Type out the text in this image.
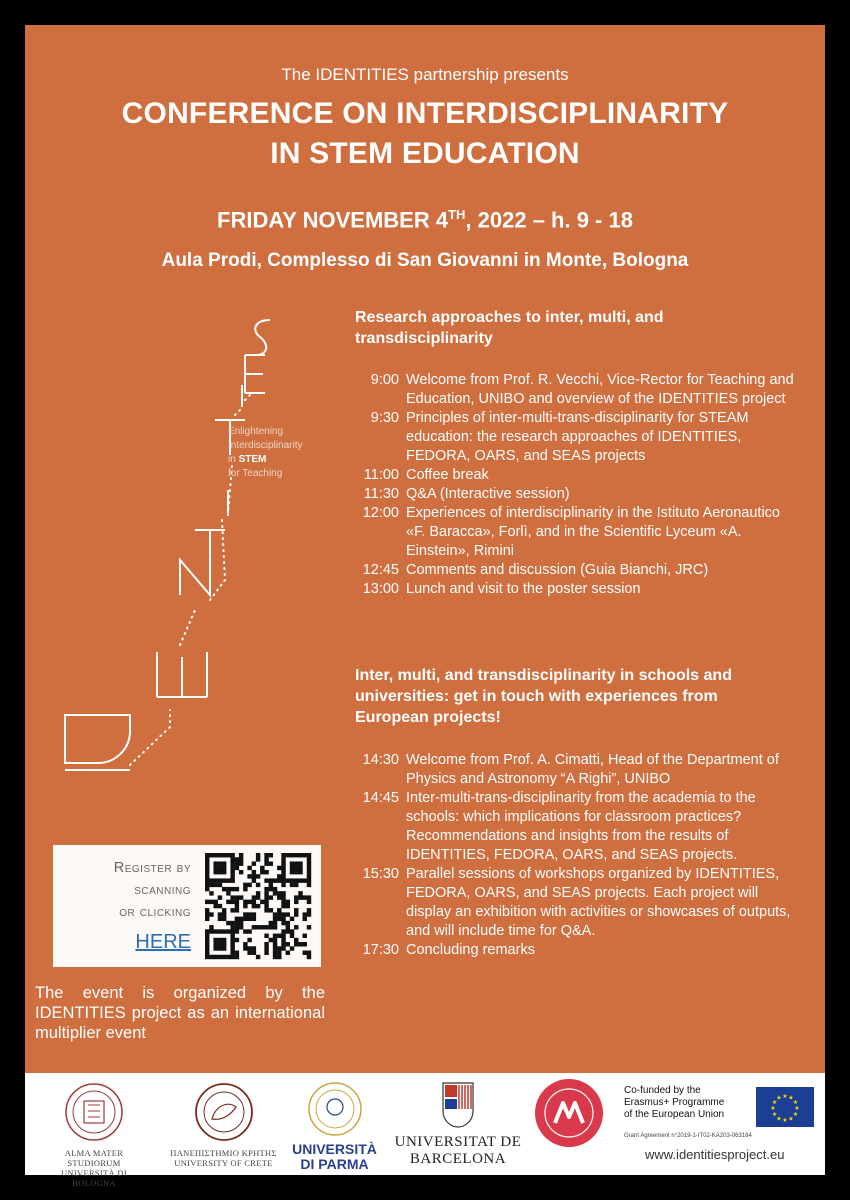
The IDENTITIES partnership presents
CONFERENCE ON INTERDISCIPLINARITY
IN STEM EDUCATION
FRIDAY NOVEMBER 4TH, 2022 – h. 9 - 18
Aula Prodi, Complesso di San Giovanni in Monte, Bologna
Enlightening
Interdisciplinarity
in STEM
for Teaching
Research approaches to inter, multi, and transdisciplinarity
9:00 Welcome from Prof. R. Vecchi, Vice-Rector for Teaching and Education, UNIBO and overview of the IDENTITIES project
9:30 Principles of inter-multi-trans-disciplinarity for STEAM education: the research approaches of IDENTITIES, FEDORA, OARS, and SEAS projects
11:00 Coffee break
11:30 Q&A (Interactive session)
12:00 Experiences of interdisciplinarity in the Istituto Aeronautico «F. Baracca», Forlì, and in the Scientific Lyceum «A. Einstein», Rimini
12:45 Comments and discussion (Guia Bianchi, JRC)
13:00 Lunch and visit to the poster session
Inter, multi, and transdisciplinarity in schools and universities: get in touch with experiences from European projects!
14:30 Welcome from Prof. A. Cimatti, Head of the Department of Physics and Astronomy “A Righi”, UNIBO
14:45 Inter-multi-trans-disciplinarity from the academia to the schools: which implications for classroom practices? Recommendations and insights from the results of IDENTITIES, FEDORA, OARS, and SEAS projects.
15:30 Parallel sessions of workshops organized by IDENTITIES, FEDORA, OARS, and SEAS projects. Each project will display an exhibition with activities or showcases of outputs, and will include time for Q&A.
17:30 Concluding remarks
Register by
scanning
or clicking
HERE
The event is organized by the IDENTITIES project as an international multiplier event
ALMA MATER STUDIORUM
UNIVERSITÀ DI BOLOGNA
ΠΑΝΕΠΙΣΤΗΜΙΟ ΚΡΗΤΗΣ
UNIVERSITY OF CRETE
UNIVERSITÀ
DI PARMA
UNIVERSITAT DE
BARCELONA
Co-funded by the
Erasmus+ Programme
of the European Union
★
★
★
★
★
★
★
★
★ ★ ★
★
Grant Agreement n°2019-1-IT02-KA203-063184
www.identitiesproject.eu
